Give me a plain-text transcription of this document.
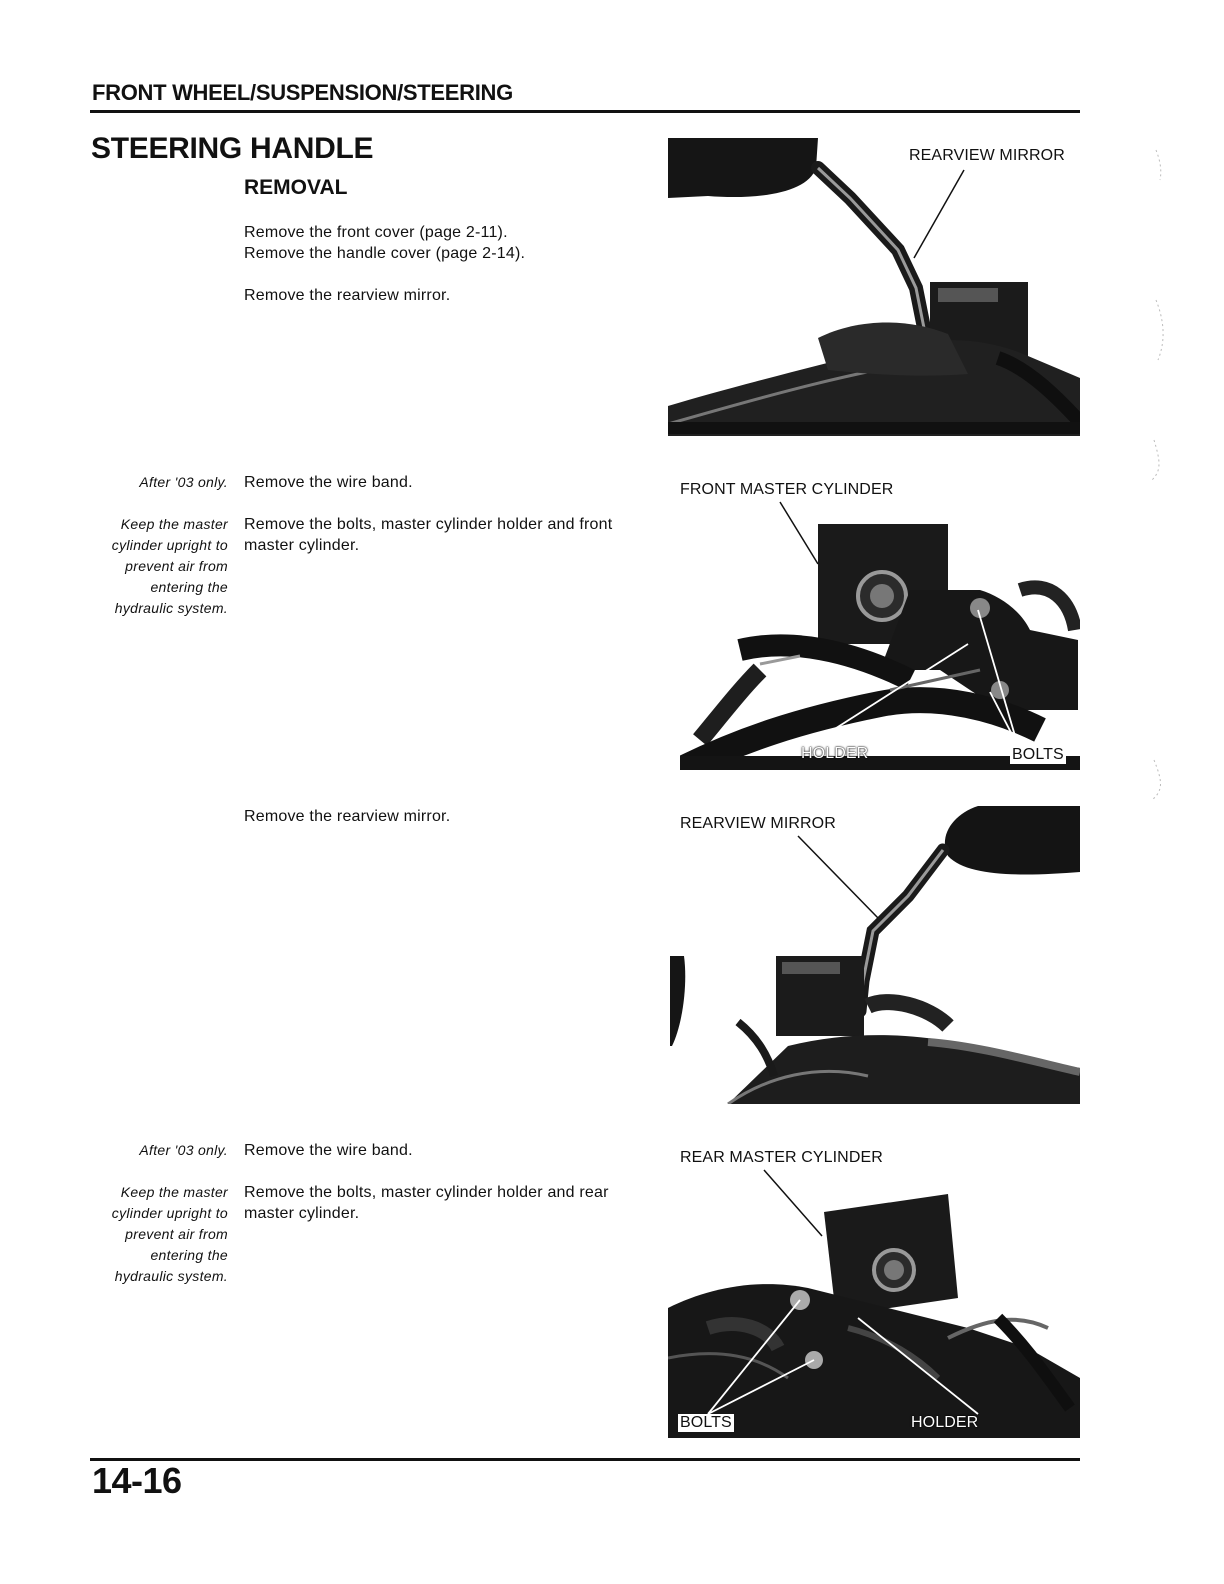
FRONT WHEEL/SUSPENSION/STEERING
STEERING HANDLE
REMOVAL
Remove the front cover (page 2-11).
Remove the handle cover (page 2-14).
Remove the rearview mirror.
After '03 only. Remove the wire band.
Keep the master
cylinder upright to
prevent air from
entering the
hydraulic system.
Remove the bolts, master cylinder holder and front
master cylinder.
Remove the rearview mirror.
After '03 only. Remove the wire band.
Keep the master
cylinder upright to
prevent air from
entering the
hydraulic system.
Remove the bolts, master cylinder holder and rear
master cylinder.
REARVIEW MIRROR
FRONT MASTER CYLINDER
HOLDER	BOLTS
REARVIEW MIRROR
REAR MASTER CYLINDER
BOLTS	HOLDER
14-16
